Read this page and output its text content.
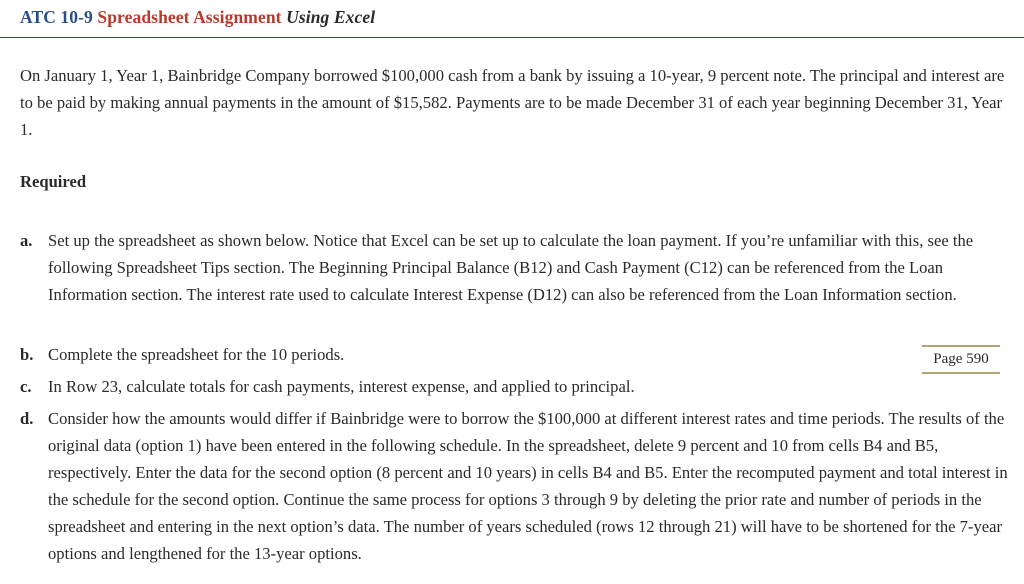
ATC 10-9 Spreadsheet Assignment Using Excel

On January 1, Year 1, Bainbridge Company borrowed $100,000 cash from a bank by issuing a 10-year, 9 percent note. The principal and interest are to be paid by making annual payments in the amount of $15,582. Payments are to be made December 31 of each year beginning December 31, Year 1.

Required
a. Set up the spreadsheet as shown below. Notice that Excel can be set up to calculate the loan payment. If you’re unfamiliar with this, see the following Spreadsheet Tips section. The Beginning Principal Balance (B12) and Cash Payment (C12) can be referenced from the Loan Information section. The interest rate used to calculate Interest Expense (D12) can also be referenced from the Loan Information section.
b. Complete the spreadsheet for the 10 periods.	Page 590
c. In Row 23, calculate totals for cash payments, interest expense, and applied to principal.
d. Consider how the amounts would differ if Bainbridge were to borrow the $100,000 at different interest rates and time periods. The results of the original data (option 1) have been entered in the following schedule. In the spreadsheet, delete 9 percent and 10 from cells B4 and B5, respectively. Enter the data for the second option (8 percent and 10 years) in cells B4 and B5. Enter the recomputed payment and total interest in the schedule for the second option. Continue the same process for options 3 through 9 by deleting the prior rate and number of periods in the spreadsheet and entering in the next option’s data. The number of years scheduled (rows 12 through 21) will have to be shortened for the 7-year options and lengthened for the 13-year options.
